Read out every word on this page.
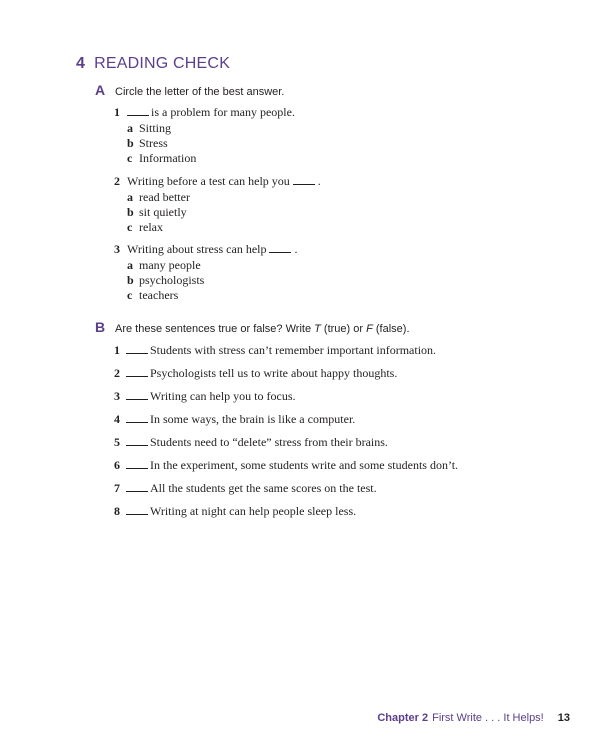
4 READING CHECK
A Circle the letter of the best answer.
1	is a problem for many people.
a Sitting
b Stress
c Information
2 Writing before a test can help you .
a read better
b sit quietly
c relax
3 Writing about stress can help .
a many people
b psychologists
c teachers
B Are these sentences true or false? Write T (true) or F (false).
1	Students with stress can’t remember important information.
2	Psychologists tell us to write about happy thoughts.
3	Writing can help you to focus.
4	In some ways, the brain is like a computer.
5	Students need to “delete” stress from their brains.
6	In the experiment, some students write and some students don’t.
7	All the students get the same scores on the test.
8	Writing at night can help people sleep less.
Chapter 2 First Write . . . It Helps! 13
